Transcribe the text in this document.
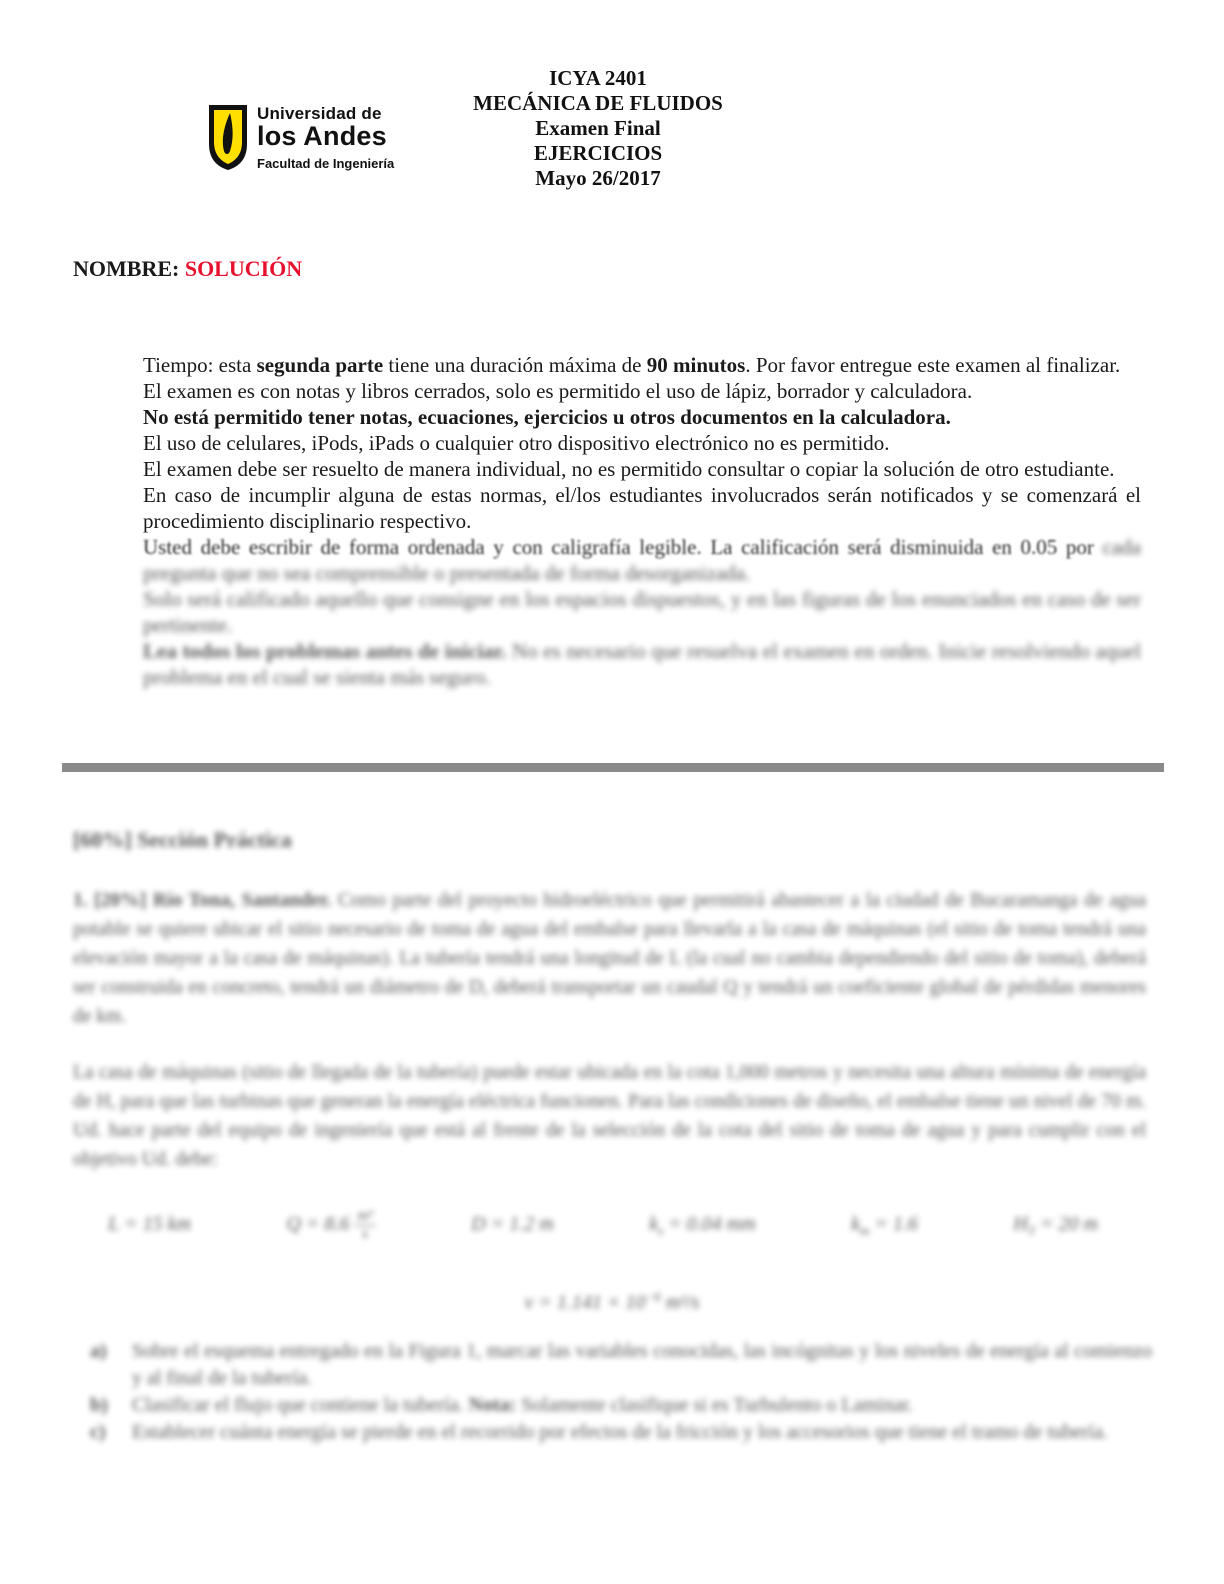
Universidad de
los Andes
Facultad de Ingeniería
ICYA 2401
MECÁNICA DE FLUIDOS
Examen Final
EJERCICIOS
Mayo 26/2017
NOMBRE: SOLUCIÓN

Tiempo: esta segunda parte tiene una duración máxima de 90 minutos. Por favor entregue este examen al finalizar.

El examen es con notas y libros cerrados, solo es permitido el uso de lápiz, borrador y calculadora.

No está permitido tener notas, ecuaciones, ejercicios u otros documentos en la calculadora.

El uso de celulares, iPods, iPads o cualquier otro dispositivo electrónico no es permitido.

El examen debe ser resuelto de manera individual, no es permitido consultar o copiar la solución de otro estudiante.

En caso de incumplir alguna de estas normas, el/los estudiantes involucrados serán notificados y se comenzará el procedimiento disciplinario respectivo.

Usted debe escribir de forma ordenada y con caligrafía legible. La calificación será disminuida en 0.05 por cada pregunta que no sea comprensible o presentada de forma desorganizada.

Solo será calificado aquello que consigne en los espacios dispuestos, y en las figuras de los enunciados en caso de ser pertinente.

Lea todos los problemas antes de iniciar. No es necesario que resuelva el examen en orden. Inicie resolviendo aquel problema en el cual se sienta más seguro.

[60%] Sección Práctica

1. [20%] Río Tona, Santander. Como parte del proyecto hidroeléctrico que permitirá abastecer a la ciudad de Bucaramanga de agua potable se quiere ubicar el sitio necesario de toma de agua del embalse para llevarla a la casa de máquinas (el sitio de toma tendrá una elevación mayor a la casa de máquinas). La tubería tendrá una longitud de L (la cual no cambia dependiendo del sitio de toma), deberá ser construida en concreto, tendrá un diámetro de D, deberá transportar un caudal Q y tendrá un coeficiente global de pérdidas menores de km.

La casa de máquinas (sitio de llegada de la tubería) puede estar ubicada en la cota 1,000 metros y necesita una altura mínima de energía de H, para que las turbinas que generan la energía eléctrica funcionen. Para las condiciones de diseño, el embalse tiene un nivel de 70 m. Ud. hace parte del equipo de ingeniería que está al frente de la selección de la cota del sitio de toma de agua y para cumplir con el objetivo Ud. debe:

L = 15 km	$Q = 8.6 \frac{\text{m³}}{s}$	D = 1.2 m	$k_s = 0.04$ mm	$k_m = 1.6$	$H_T = 20$ m
$\nu = 1.141 \times 10^{-6}$ m²/s
a)	Sobre el esquema entregado en la Figura 1, marcar las variables conocidas, las incógnitas y los niveles de energía al comienzo y al final de la tubería.
b)	Clasificar el flujo que contiene la tubería. Nota: Solamente clasifique si es Turbulento o Laminar.
c)	Establecer cuánta energía se pierde en el recorrido por efectos de la fricción y los accesorios que tiene el tramo de tubería.
